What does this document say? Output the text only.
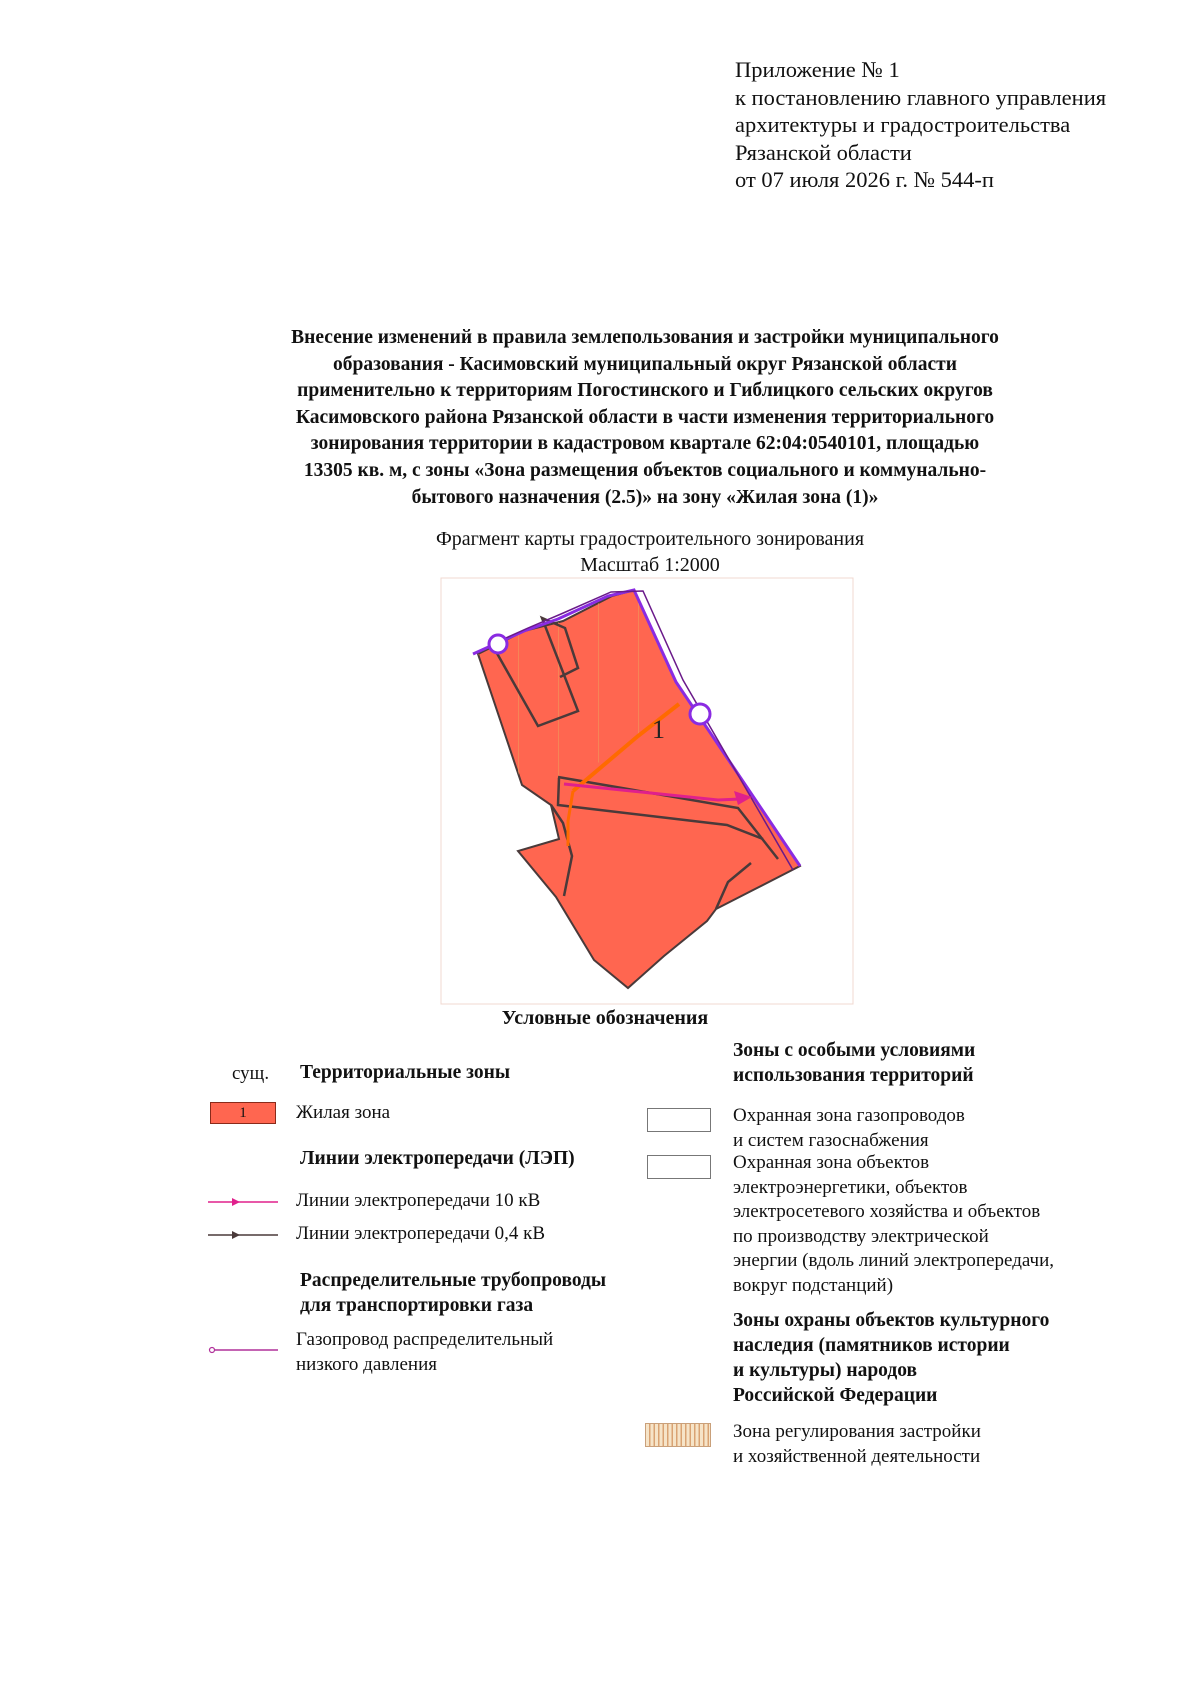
Приложение № 1
к постановлению главного управления
архитектуры и градостроительства
Рязанской области
от 07 июля 2026 г. № 544-п
Внесение изменений в правила землепользования и застройки муниципального
образования - Касимовский муниципальный округ Рязанской области
применительно к территориям Погостинского и Гиблицкого сельских округов
Касимовского района Рязанской области в части изменения территориального
зонирования территории в кадастровом квартале 62:04:0540101, площадью
13305 кв. м, с зоны «Зона размещения объектов социального и коммунально-
бытового назначения (2.5)» на зону «Жилая зона (1)»
Фрагмент карты градостроительного зонирования
Масштаб 1:2000
1
Условные обозначения
сущ. Территориальные зоны
1	Жилая зона
Линии электропередачи (ЛЭП)
Линии электропередачи 10 кВ
Линии электропередачи 0,4 кВ
Распределительные трубопроводы
для транспортировки газа
Газопровод распределительный
низкого давления
Зоны с особыми условиями
использования территорий
Охранная зона газопроводов
и систем газоснабжения
Охранная зона объектов
электроэнергетики, объектов
электросетевого хозяйства и объектов
по производству электрической
энергии (вдоль линий электропередачи,
вокруг подстанций)
Зоны охраны объектов культурного
наследия (памятников истории
и культуры) народов
Российской Федерации
Зона регулирования застройки
и хозяйственной деятельности
